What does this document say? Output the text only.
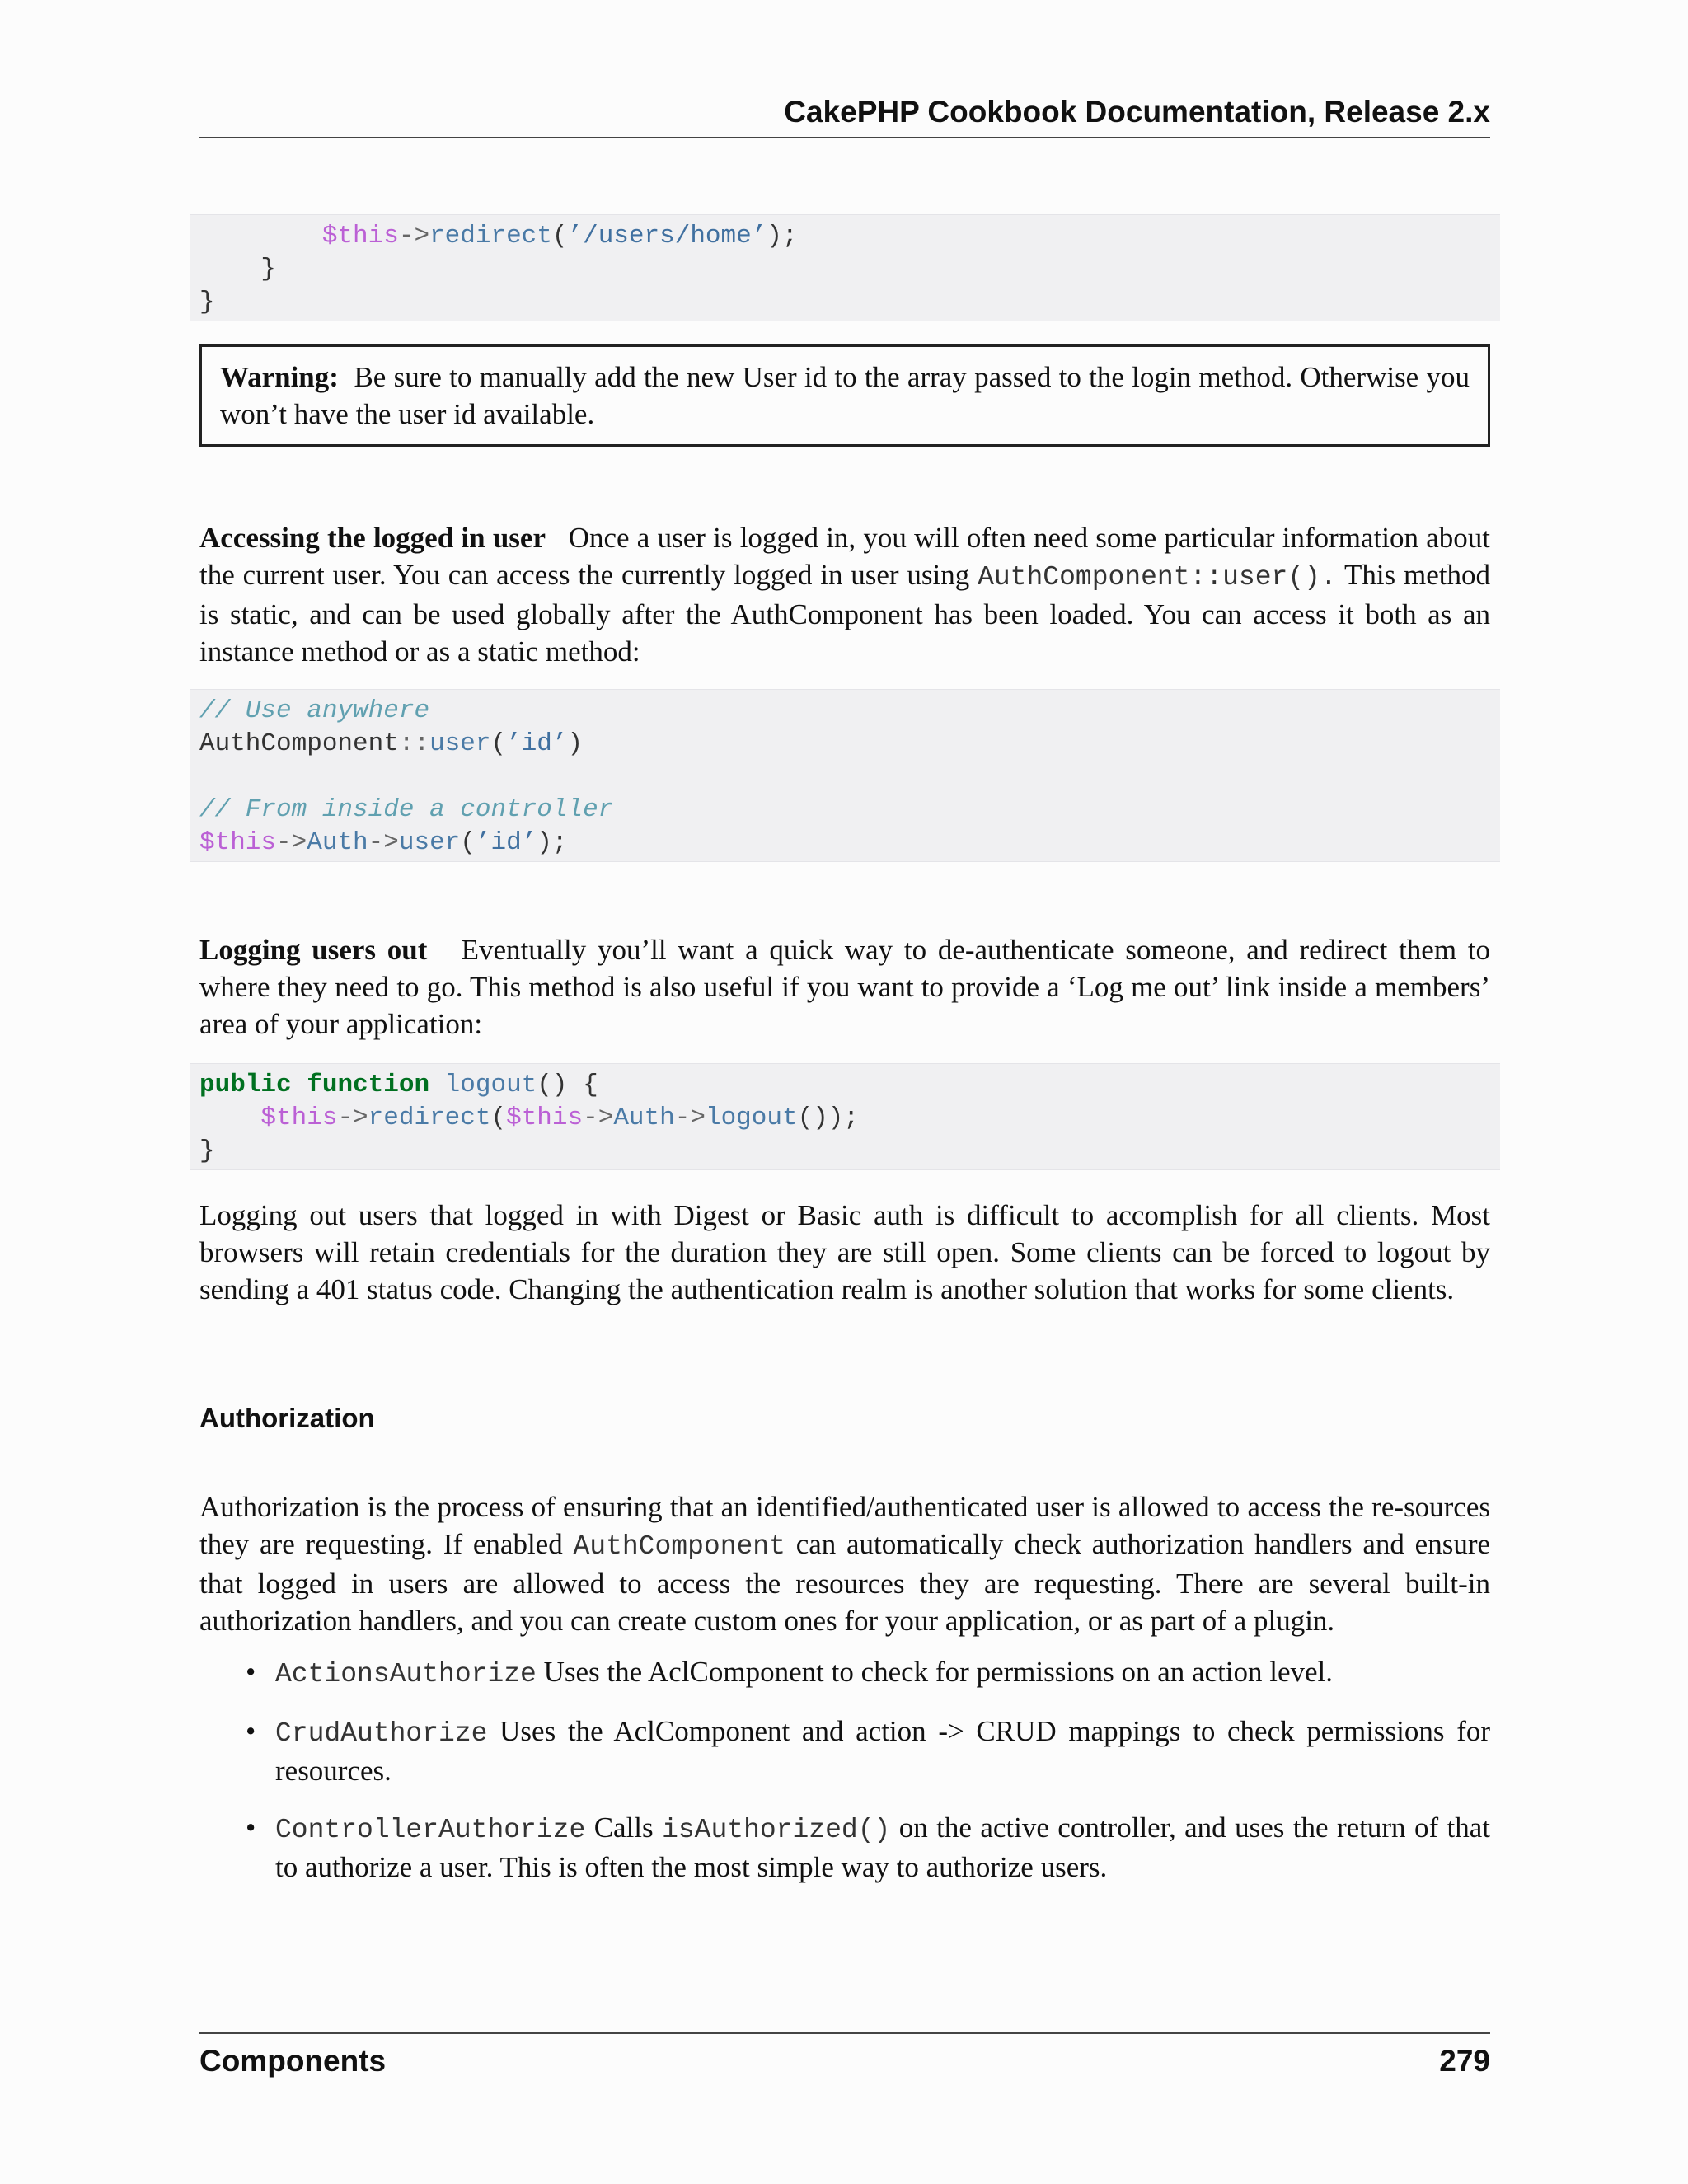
CakePHP Cookbook Documentation, Release 2.x
$this->redirect(’/users/home’);
}
}
Warning: Be sure to manually add the new User id to the array passed to the login method. Otherwise you won’t have the user id available.
Accessing the logged in user Once a user is logged in, you will often need some particular information about the current user. You can access the currently logged in user using AuthComponent::user(). This method is static, and can be used globally after the AuthComponent has been loaded. You can access it both as an instance method or as a static method:
// Use anywhere
AuthComponent::user(’id’)

// From inside a controller
$this->Auth->user(’id’);
Logging users out Eventually you’ll want a quick way to de-authenticate someone, and redirect them to where they need to go. This method is also useful if you want to provide a ‘Log me out’ link inside a members’ area of your application:
public function logout() {
$this->redirect($this->Auth->logout());
}
Logging out users that logged in with Digest or Basic auth is difficult to accomplish for all clients. Most browsers will retain credentials for the duration they are still open. Some clients can be forced to logout by sending a 401 status code. Changing the authentication realm is another solution that works for some clients.
Authorization
Authorization is the process of ensuring that an identified/authenticated user is allowed to access the re-sources they are requesting. If enabled AuthComponent can automatically check authorization handlers and ensure that logged in users are allowed to access the resources they are requesting. There are several built-in authorization handlers, and you can create custom ones for your application, or as part of a plugin.
• ActionsAuthorize Uses the AclComponent to check for permissions on an action level.
• CrudAuthorize Uses the AclComponent and action -> CRUD mappings to check permissions for resources.
• ControllerAuthorize Calls isAuthorized() on the active controller, and uses the return of that to authorize a user. This is often the most simple way to authorize users.
Components	279
